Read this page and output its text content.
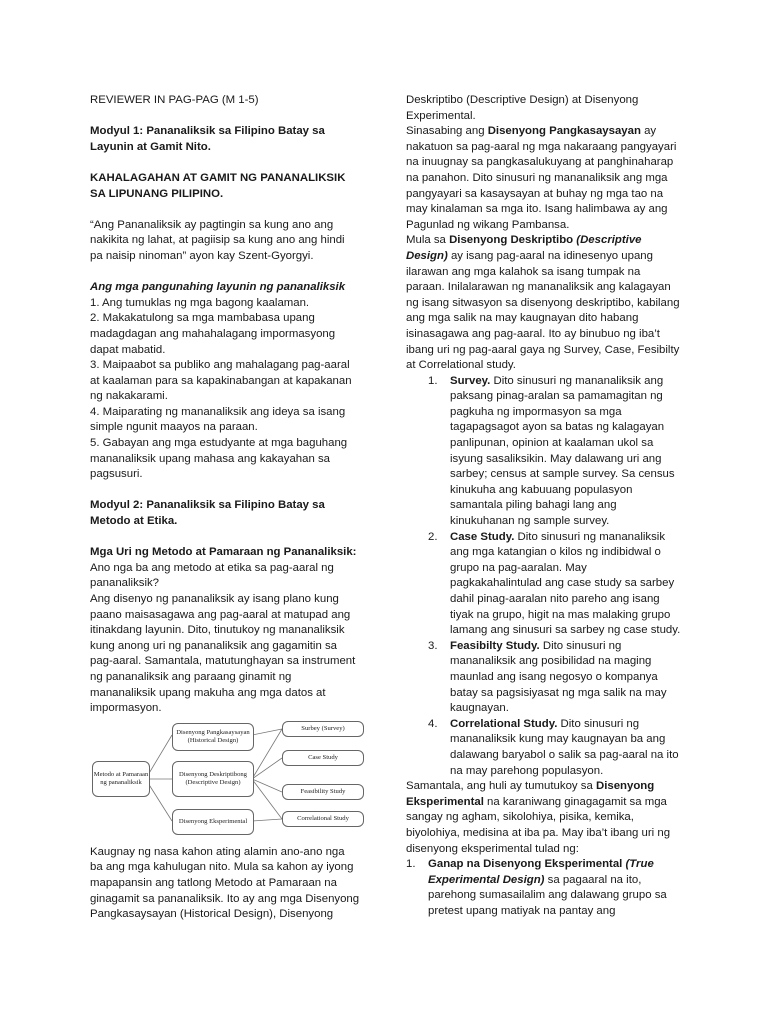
REVIEWER IN PAG-PAG (M 1-5)

Modyul 1: Pananaliksik sa Filipino Batay sa Layunin at Gamit Nito.

KAHALAGAHAN AT GAMIT NG PANANALIKSIK SA LIPUNANG PILIPINO.

“Ang Pananaliksik ay pagtingin sa kung ano ang nakikita ng lahat, at pagiisip sa kung ano ang hindi pa naisip ninoman” ayon kay Szent-Gyorgyi.

Ang mga pangunahing layunin ng pananaliksik

1. Ang tumuklas ng mga bagong kaalaman.

2. Makakatulong sa mga mambabasa upang madagdagan ang mahahalagang impormasyong dapat mabatid.

3. Maipaabot sa publiko ang mahalagang pag-aaral at kaalaman para sa kapakinabangan at kapakanan ng nakakarami.

4. Maiparating ng mananaliksik ang ideya sa isang simple ngunit maayos na paraan.

5. Gabayan ang mga estudyante at mga baguhang mananaliksik upang mahasa ang kakayahan sa pagsusuri.

Modyul 2: Pananaliksik sa Filipino Batay sa Metodo at Etika.

Mga Uri ng Metodo at Pamaraan ng Pananaliksik:

Ano nga ba ang metodo at etika sa pag-aaral ng pananaliksik?

Ang disenyo ng pananaliksik ay isang plano kung paano maisasagawa ang pag-aaral at matupad ang itinakdang layunin. Dito, tinutukoy ng mananaliksik kung anong uri ng pananaliksik ang gagamitin sa pag-aaral. Samantala, matutunghayan sa instrument ng pananaliksik ang paraang ginamit ng mananaliksik upang makuha ang mga datos at impormasyon.

Metodo at Pamaraan ng pananaliksik
Disenyong Pangkasaysayan (Historical Design)
Disenyong Deskriptibong (Descriptive Design)
Disenyong Eksperimental
Surbey (Survey)
Case Study
Feasibility Study
Correlational Study

Kaugnay ng nasa kahon ating alamin ano-ano nga ba ang mga kahulugan nito. Mula sa kahon ay iyong mapapansin ang tatlong Metodo at Pamaraan na ginagamit sa pananaliksik. Ito ay ang mga Disenyong Pangkasaysayan (Historical Design), Disenyong

Deskriptibo (Descriptive Design) at Disenyong Experimental.

Sinasabing ang Disenyong Pangkasaysayan ay nakatuon sa pag-aaral ng mga nakaraang pangyayari na inuugnay sa pangkasalukuyang at panghinaharap na panahon. Dito sinusuri ng mananaliksik ang mga pangyayari sa kasaysayan at buhay ng mga tao na may kinalaman sa mga ito. Isang halimbawa ay ang Pagunlad ng wikang Pambansa.

Mula sa Disenyong Deskriptibo (Descriptive Design) ay isang pag-aaral na idinesenyo upang ilarawan ang mga kalahok sa isang tumpak na paraan. Inilalarawan ng mananaliksik ang kalagayan ng isang sitwasyon sa disenyong deskriptibo, kabilang ang mga salik na may kaugnayan dito habang isinasagawa ang pag-aaral. Ito ay binubuo ng iba’t ibang uri ng pag-aaral gaya ng Survey, Case, Fesibilty at Correlational study.

1.	Survey. Dito sinusuri ng mananaliksik ang paksang pinag-aralan sa pamamagitan ng pagkuha ng impormasyon sa mga tagapagsagot ayon sa batas ng kalagayan panlipunan, opinion at kaalaman ukol sa isyung sasaliksikin. May dalawang uri ang sarbey; census at sample survey. Sa census kinukuha ang kabuuang populasyon samantala piling bahagi lang ang kinukuhanan ng sample survey.
2.	Case Study. Dito sinusuri ng mananaliksik ang mga katangian o kilos ng indibidwal o grupo na pag-aaralan. May pagkakahalintulad ang case study sa sarbey dahil pinag-aaralan nito pareho ang isang tiyak na grupo, higit na mas malaking grupo lamang ang sinusuri sa sarbey ng case study.
3.	Feasibilty Study. Dito sinusuri ng mananaliksik ang posibilidad na maging maunlad ang isang negosyo o kompanya batay sa pagsisiyasat ng mga salik na may kaugnayan.
4.	Correlational Study. Dito sinusuri ng mananaliksik kung may kaugnayan ba ang dalawang baryabol o salik sa pag-aaral na ito na may parehong populasyon.

Samantala, ang huli ay tumutukoy sa Disenyong Eksperimental na karaniwang ginagagamit sa mga sangay ng agham, sikolohiya, pisika, kemika, biyolohiya, medisina at iba pa. May iba’t ibang uri ng disenyong eksperimental tulad ng:

1.	Ganap na Disenyong Eksperimental (True Experimental Design) sa pagaaral na ito, parehong sumasailalim ang dalawang grupo sa pretest upang matiyak na pantay ang
